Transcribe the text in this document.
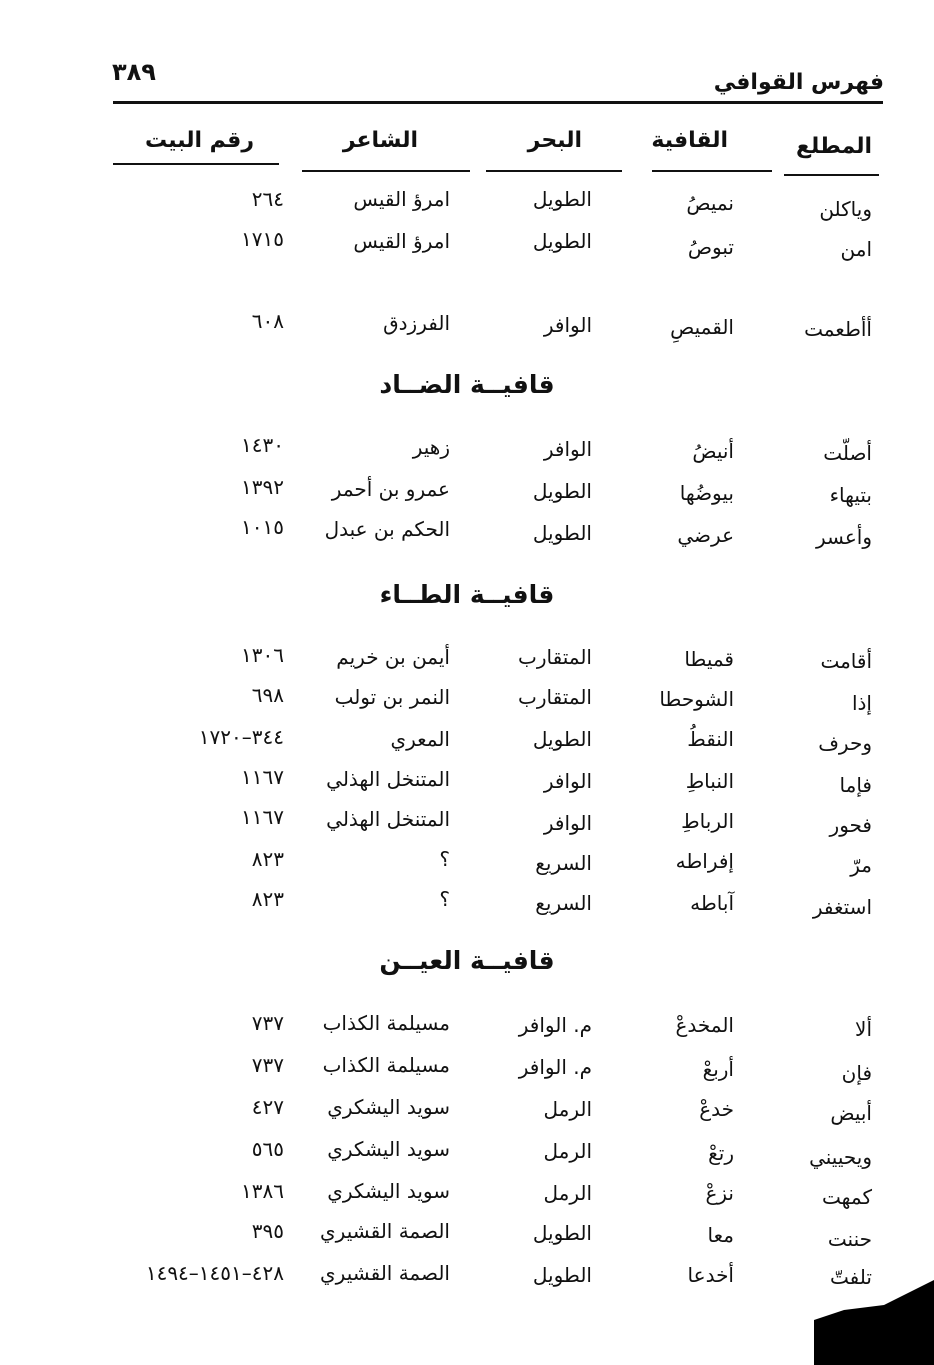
٣٨٩	فهرس القوافي
المطلع
القافية
البحر
الشاعر
رقم البيت
وياكلن
نميصُ
الطويل
امرؤ القيس
٢٦٤
امن
تبوصُ
الطويل
امرؤ القيس
١٧١٥
أأطعمت
القميصِ
الوافر
الفرزدق
٦٠٨
قافيــة الضــاد
أصلّت
أنيضُ
الوافر
زهير
١٤٣٠
بتيهاء
بيوضُها
الطويل
عمرو بن أحمر
١٣٩٢
وأعسر
عرضي
الطويل
الحكم بن عبدل
١٠١٥
قافيــة الطــاء
أقامت
قميطا
المتقارب
أيمن بن خريم
١٣٠٦
إذا
الشوحطا
المتقارب
النمر بن تولب
٦٩٨
وحرف
النقطُ
الطويل
المعري
٣٤٤–١٧٢٠
فإما
النباطِ
الوافر
المتنخل الهذلي
١١٦٧
فحور
الرباطِ
الوافر
المتنخل الهذلي
١١٦٧
مرّ
إفراطه
السريع
؟
٨٢٣
استغفر
آباطه
السريع
؟
٨٢٣
قافيــة العيــن
ألا
المخدعْ
م. الوافر
مسيلمة الكذاب
٧٣٧
فإن
أربعْ
م. الوافر
مسيلمة الكذاب
٧٣٧
أبيض
خدعْ
الرمل
سويد اليشكري
٤٢٧
ويحييني
رتعْ
الرمل
سويد اليشكري
٥٦٥
كمهت
نزعْ
الرمل
سويد اليشكري
١٣٨٦
حننت
معا
الطويل
الصمة القشيري
٣٩٥
تلفتّ
أخدعا
الطويل
الصمة القشيري
٤٢٨–١٤٥١–١٤٩٤
